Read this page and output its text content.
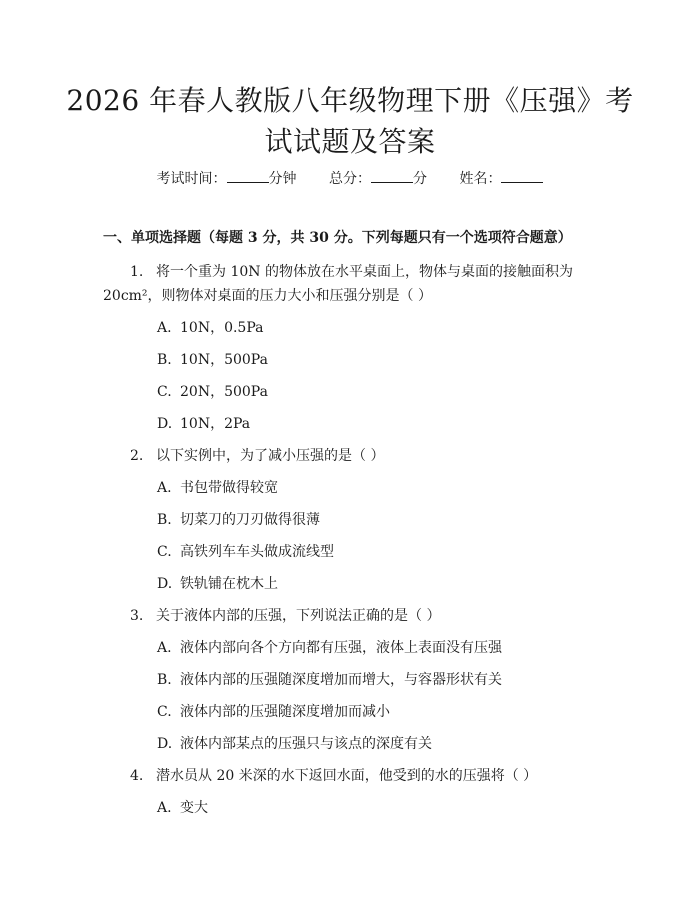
2026 年春人教版八年级物理下册《压强》考
试试题及答案
考试时间：	分钟 总分：	分 姓名：
一、单项选择题（每题 3 分，共 30 分。下列每题只有一个选项符合题意）
1. 将一个重为 10N 的物体放在水平桌面上，物体与桌面的接触面积为
20cm²，则物体对桌面的压力大小和压强分别是（ ）
A. 10N，0.5Pa
B. 10N，500Pa
C. 20N，500Pa
D. 10N，2Pa
2. 以下实例中，为了减小压强的是（ ）
A. 书包带做得较宽
B. 切菜刀的刀刃做得很薄
C. 高铁列车车头做成流线型
D. 铁轨铺在枕木上
3. 关于液体内部的压强，下列说法正确的是（ ）
A. 液体内部向各个方向都有压强，液体上表面没有压强
B. 液体内部的压强随深度增加而增大，与容器形状有关
C. 液体内部的压强随深度增加而减小
D. 液体内部某点的压强只与该点的深度有关
4. 潜水员从 20 米深的水下返回水面，他受到的水的压强将（ ）
A. 变大
